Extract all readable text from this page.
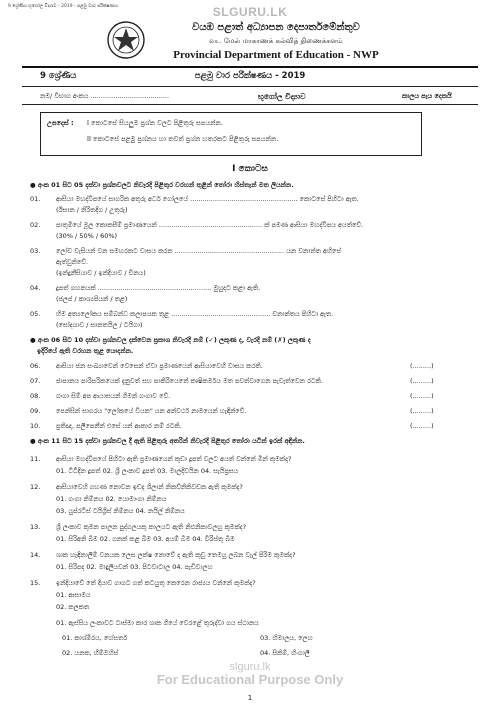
9 ශ්‍රේණිය භූගෝල විද්‍යාව - 2019 - පළමු වාර පරීක්ෂණය	SLGURU.LK
වයඹ පළාත් අධ්‍යාපන දෙපාර්තමේන්තුව
வட மேல் மாகாணக் கல்வித் திணைக்களம்
Provincial Department of Education - NWP
9 ශ්‍රේණිය	පළමු වාර පරීක්ෂණය - 2019
නම/ විභාග අංකය ......................................	භූගෝල විද්‍යාව	කාලය පැය දෙකයි
උපදෙස් : I කොටසේ සියලුම ප්‍රශ්න වලට පිළිතුරු සපයන්න.
II කොටසේ පළමු ප්‍රශ්නය හා තවත් ප්‍රශ්න හතරකට පිළිතුරු සපයන්න.
I කොටස
● අංක 01 සිට 05 දක්වා ප්‍රශ්නවලට නිවැරදි පිළිතුර වරහන් තුළින් තෝරා හිස්තැන් මත ලියන්න.
01. ආසියා මහද්වීපයේ සාගරික අතුරු අර්ධ ගෝලයේ .................................................... කොටසේ පිහිටා ඇත.
(ඊසාන / නිරිතදිග / උතුරු)
02. පාතුමියේ මූල කොකසීම් ප්‍රමාණයෙන් .................................................. ක් පමණ ආසියා මහද්වීපය අයත්වේ.
(30% / 50% / 60%)
03. ලෝව වැසියන් වන සමහරකට වාසය කරන ..................................................... යන වනාන්ත අහිසේ
ඇත්වුනිවේ.
(ඉන්දුනීසියාව / ඉන්දියාව / චීනය)
04. දූපත් ගහනයක් ....................................................... මුහුදට කළා ඇති.
(ජලජ / කාශ්‍යපියන් / තළ)
05. හිම අත්‍යලෝකය සම්බන්ධ කලාපයක තුළ ................................................ වනාන්තය පිහිටා ඇත.
(සෝදයාව / සානතයිල / ටයිගා)
● අංක 06 සිට 10 දක්වා ප්‍රශ්නවල දක්වෙන ප්‍රකාශ නිවැරදි නම් (✓) ලකුණ ද, වැරදි නම් (✗) ලකුණ ද
ඉදිරියේ ඇති වරහන තුළ යොදන්න.
06. ආසියා ජන සංඛ්‍යාවෙන් වෙසෙන් ඒවා ප්‍රමාණයෙන් ආසියාවෙහි වාසය කරති.	(.........)
07. ජාපානය පාරිසරිකයෙක් දැනුවත් සහ පාකිරියෙනේ කෘෂිකර්මය මත පවත්වාගෙන පැවැත්වෙන රටකි.	(.........)
08. ගංගා සිම් අප ආයාසයන් ගිමන් ගංගාව වේ.	(.........)
09. පෙන්සින් සාගරය "ලෝකයේ වියන" යන අන්වර්ථ නාමයෙන් හැඳින්වේ.	(.........)
10. ප්‍රතිඥ, පලීපෙනීන් එසේ යන් ආකාර නම් රටකි.	(.........)
● අංක 11 සිට 15 දක්වා ප්‍රශ්නවල දී ඇති පිළිතුරු අතරින් නිවැරදි පිළිතුර තෝරා යටින් ඉරක් අඳින්න.
11. ආසියා මහද්වීපයේ පිහිටා ඇති ප්‍රමාණයෙන් කුඩා දූපත් වලට අයත් වන්නේ මින් කුමක්ද?
01. ටිටිදින දූපත් 02. ශ්‍රී ලංකාව දූපත් 03. මාලදිවයින 04. සැයිප්‍රසය
12. ආසියාවෙහි ගහණ නොවන ඉඩද ශිලාන් නිකව්නිකිවඩක ඇති කුමක්ද?
01. ගංගා නිම්නය 02. යොමාංගා නිම්නය
03. යුප්රටීස් ටයිග්‍රිස් නිම්නය 04. නයිල් නිම්නය
13. ශ්‍රී ලංකාව කුමන පාලන පුද්ගලයකු කාලයට ඇති නිළුනිකාවලහු කුමක්ද?
01. සිරිඅනි බිම 02. ගනක් කළ බිම 03. අයම් බිම 04. විරිස්තු බිම
14. ශාක හැඳිනාලිම් වනයක ලෙස ලක්ෂ නොවේ ද ඇති කුඩු තෙමයු ලබන වැල් පිරිම කුමක්ද?
01. සිරිපද 02. මාදුලියවන් 03. පිටවාටාල 04. පැඩිවාලහ
15. ඉන්දියාවේ තේ දියාව ගාගට ගත් කටයුතු කෙරෙන රාජ්‍යය වන්නේ කුමක්ද?
01. ආසාමය
02. කලකත
01. ඇස්සිය ලංකාවට ටාස්මා කාර ශාක ගියේ වෙරළේ තුරුද්වා ගය ස්ථානය
01. කාශ්මීරය, හේසර්ත	03. හිමාලය, ලෙහ
02. යනක, හිම්ඔහිස්	04. සිකිම්, හිංගාලී
slguru.lk
For Educational Purpose Only
1
